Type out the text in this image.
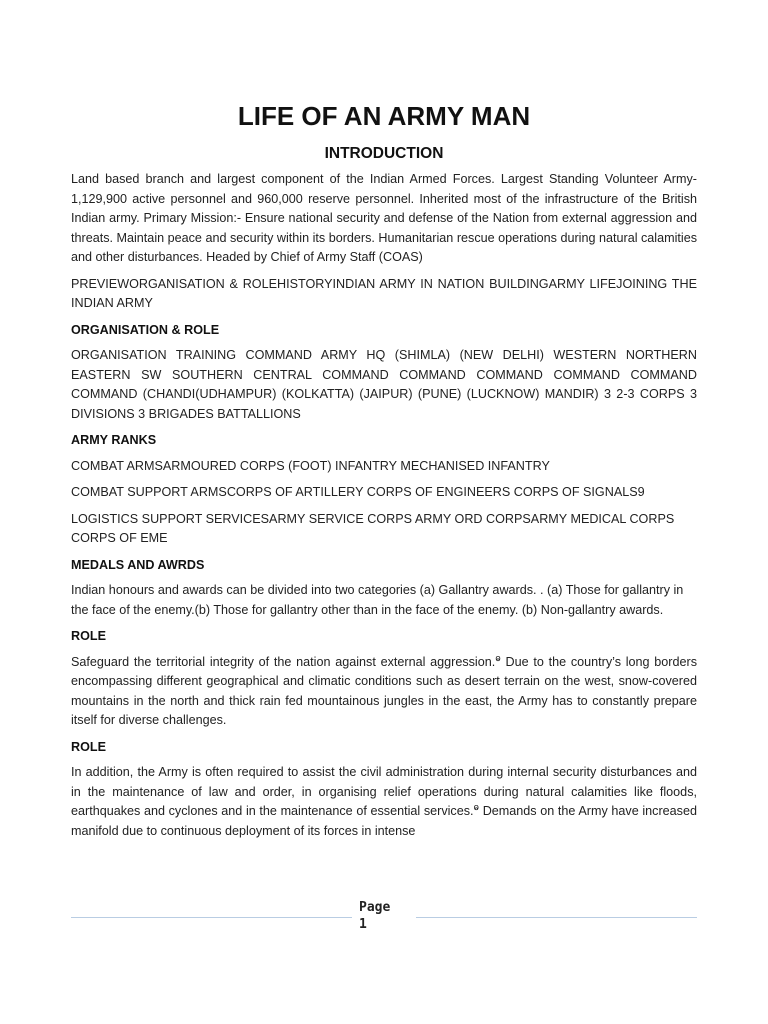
LIFE OF AN ARMY MAN
INTRODUCTION

Land based branch and largest component of the Indian Armed Forces. Largest Standing Volunteer Army- 1,129,900 active personnel and 960,000 reserve personnel. Inherited most of the infrastructure of the British Indian army. Primary Mission:- Ensure national security and defense of the Nation from external aggression and threats. Maintain peace and security within its borders. Humanitarian rescue operations during natural calamities and other disturbances. Headed by Chief of Army Staff (COAS)

PREVIEWORGANISATION & ROLEHISTORYINDIAN ARMY IN NATION BUILDINGARMY LIFEJOINING THE INDIAN ARMY

ORGANISATION & ROLE

ORGANISATION TRAINING COMMAND ARMY HQ (SHIMLA) (NEW DELHI) WESTERN NORTHERN EASTERN SW SOUTHERN CENTRAL COMMAND COMMAND COMMAND COMMAND COMMAND COMMAND (CHANDI(UDHAMPUR) (KOLKATTA) (JAIPUR) (PUNE) (LUCKNOW) MANDIR) 3 2-3 CORPS 3 DIVISIONS 3 BRIGADES BATTALLIONS

ARMY RANKS

COMBAT ARMSARMOURED CORPS (FOOT) INFANTRY MECHANISED INFANTRY

COMBAT SUPPORT ARMSCORPS OF ARTILLERY CORPS OF ENGINEERS CORPS OF SIGNALS9

LOGISTICS SUPPORT SERVICESARMY SERVICE CORPS ARMY ORD CORPSARMY MEDICAL CORPS CORPS OF EME

MEDALS AND AWRDS

Indian honours and awards can be divided into two categories (a) Gallantry awards. . (a) Those for gallantry in the face of the enemy.(b) Those for gallantry other than in the face of the enemy. (b) Non-gallantry awards.

ROLE

Safeguard the territorial integrity of the nation against external aggression.$^ⱺ$ Due to the country’s long borders encompassing different geographical and climatic conditions such as desert terrain on the west, snow-covered mountains in the north and thick rain fed mountainous jungles in the east, the Army has to constantly prepare itself for diverse challenges.

ROLE

In addition, the Army is often required to assist the civil administration during internal security disturbances and in the maintenance of law and order, in organising relief operations during natural calamities like floods, earthquakes and cyclones and in the maintenance of essential services.$^ⱺ$ Demands on the Army have increased manifold due to continuous deployment of its forces in intense

Page
1
